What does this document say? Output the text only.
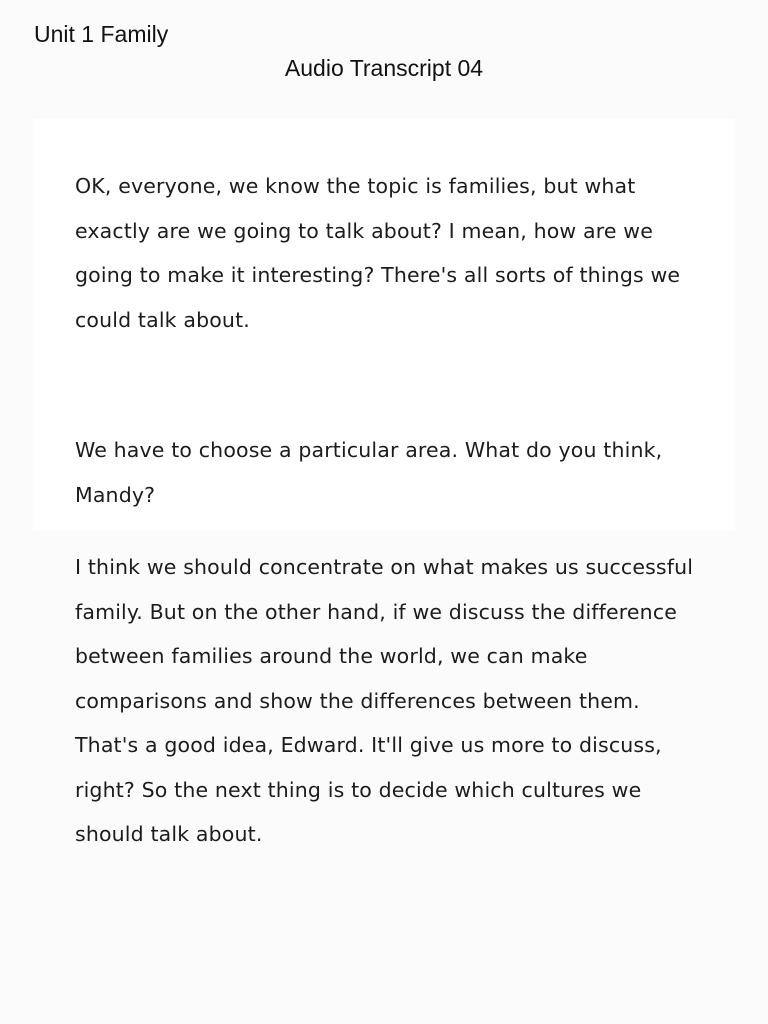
Unit 1 Family
Audio Transcript 04

OK, everyone, we know the topic is families, but what exactly are we going to talk about? I mean, how are we going to make it interesting? There's all sorts of things we could talk about.

We have to choose a particular area. What do you think, Mandy?

I think we should concentrate on what makes us successful family. But on the other hand, if we discuss the difference between families around the world, we can make comparisons and show the differences between them. That's a good idea, Edward. It'll give us more to discuss, right? So the next thing is to decide which cultures we should talk about.
